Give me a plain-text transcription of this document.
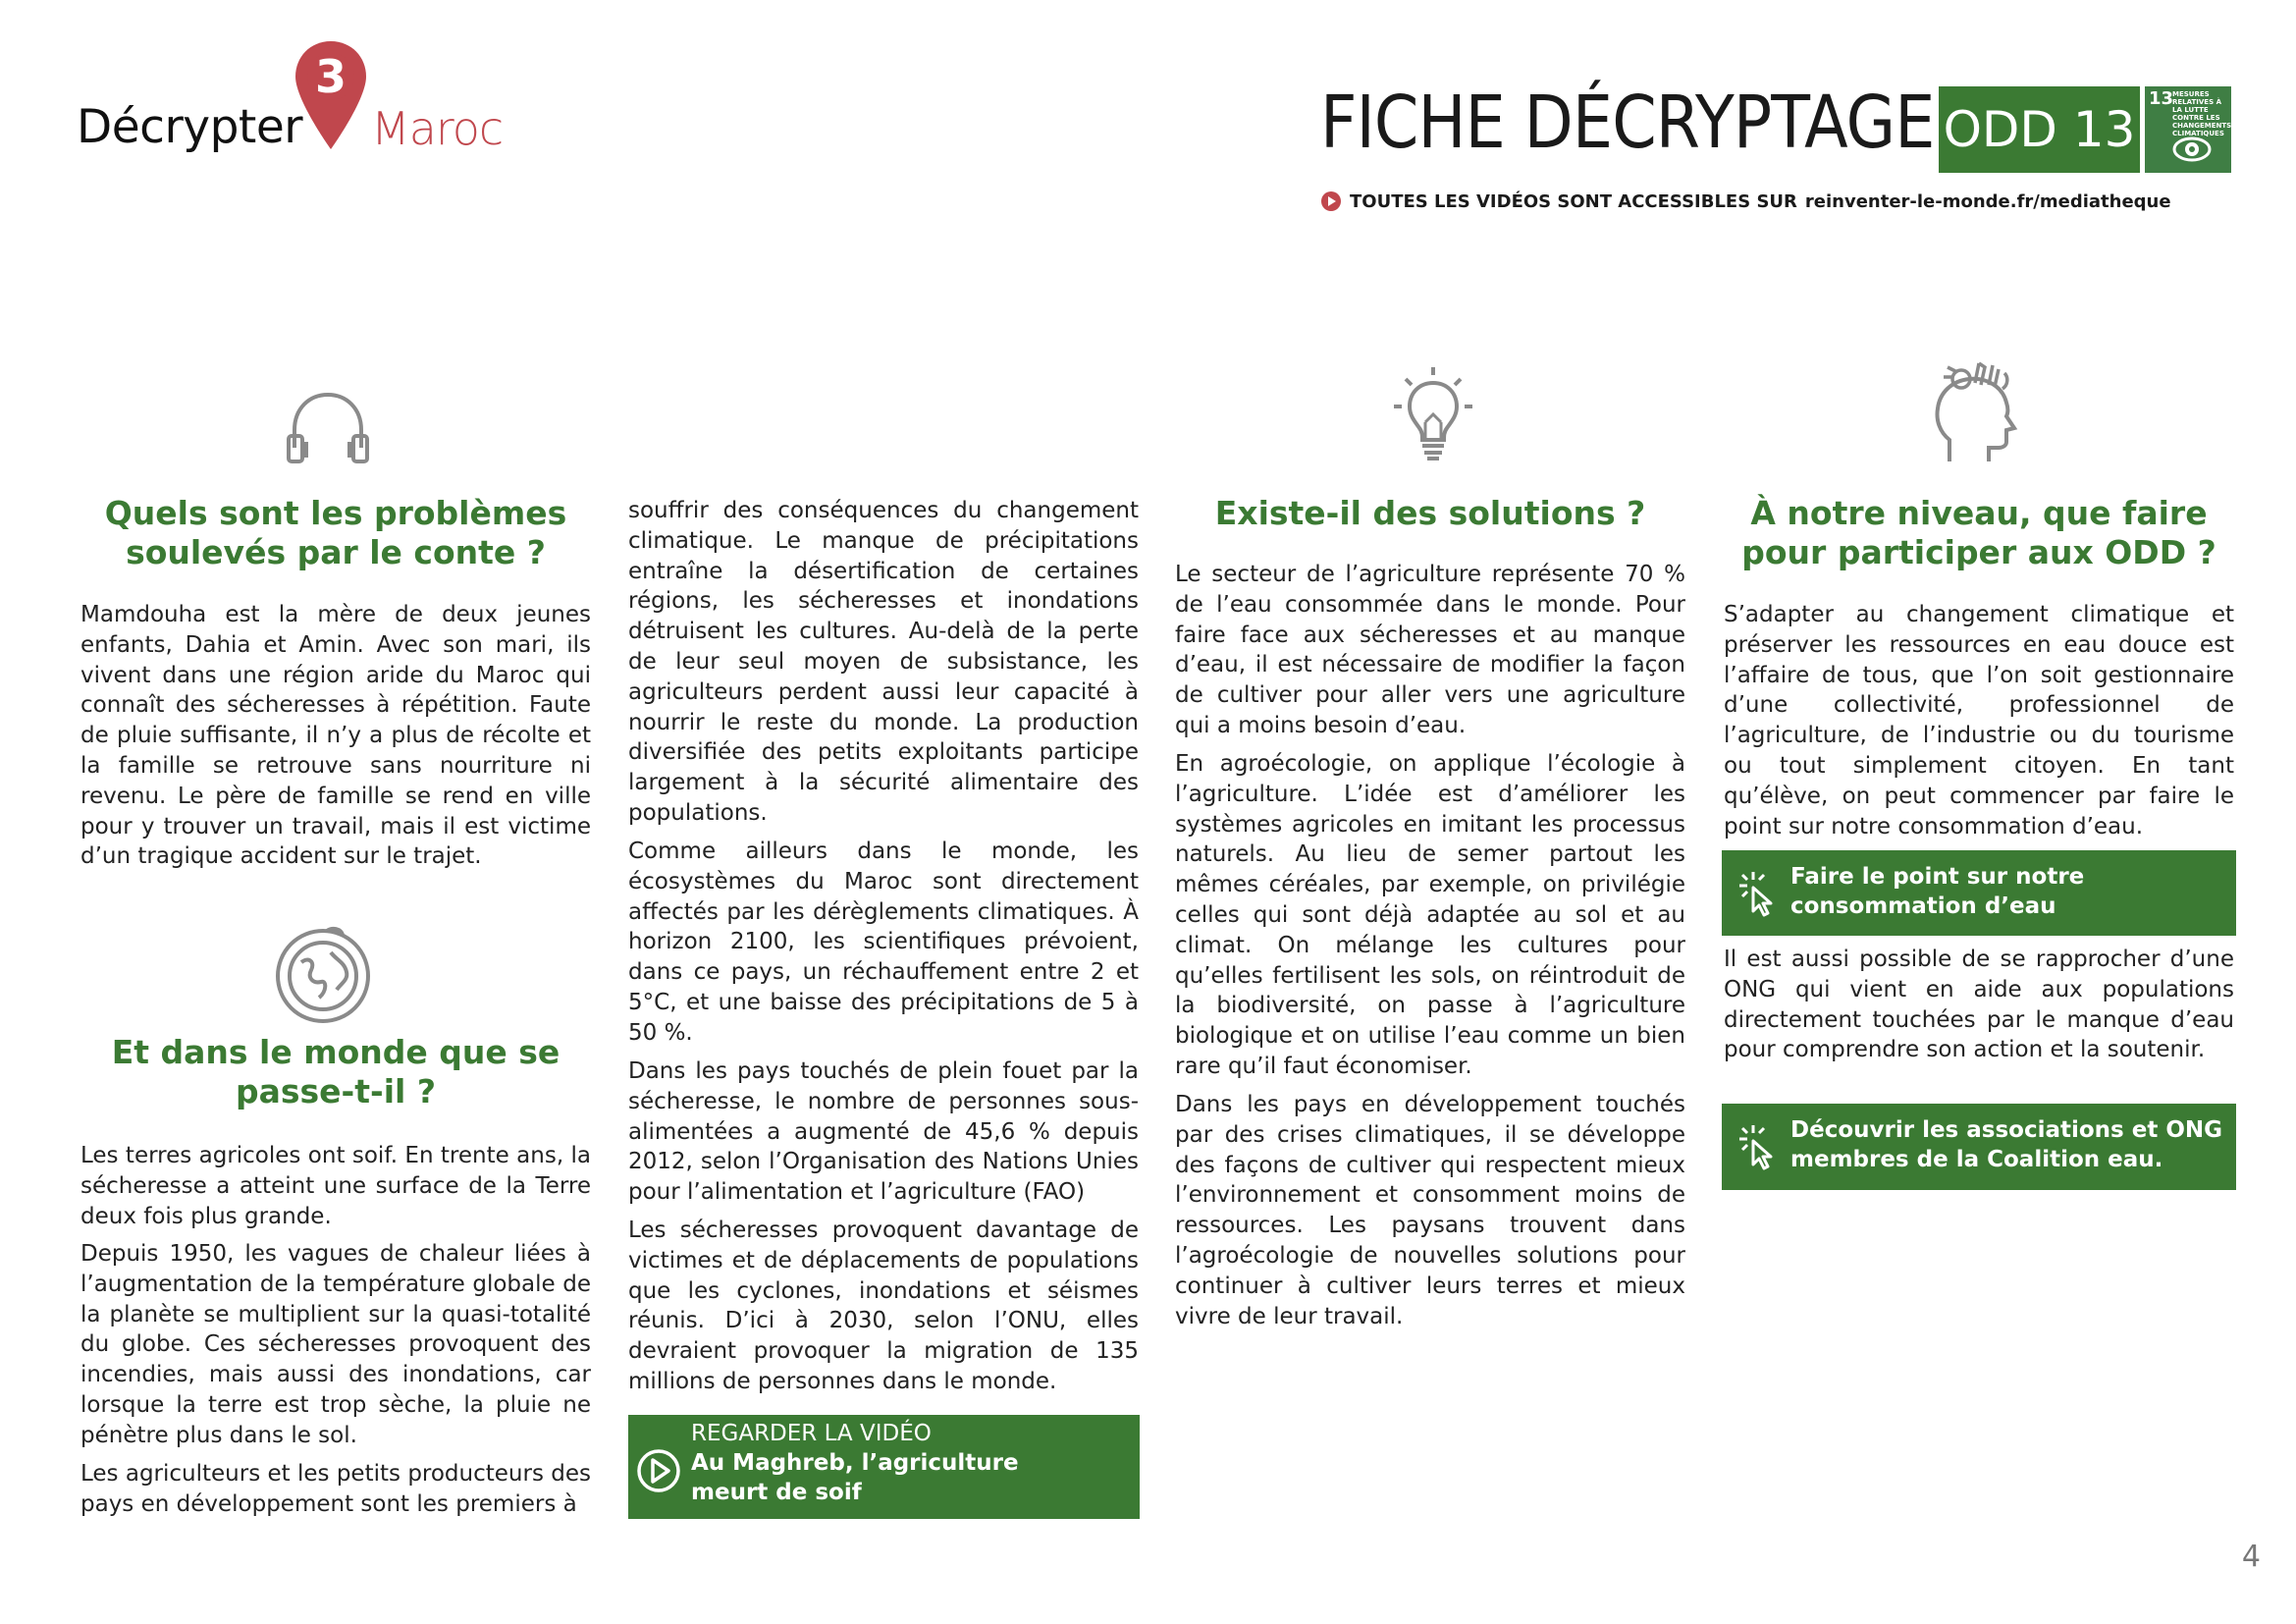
Décrypter
3
Maroc	FICHE DÉCRYPTAGE ODD 13
13
MESURES RELATIVES À LA LUTTE CONTRE LES CHANGEMENTS CLIMATIQUES
TOUTES LES VIDÉOS SONT ACCESSIBLES SUR reinventer-le-monde.fr/mediatheque
Quels sont les problèmes soulevés par le conte ?

Mamdouha est la mère de deux jeunes enfants, Dahia et Amin. Avec son mari, ils vivent dans une région aride du Maroc qui connaît des sécheresses à répétition. Faute de pluie suffisante, il n’y a plus de récolte et la famille se retrouve sans nourriture ni revenu. Le père de famille se rend en ville pour y trouver un travail, mais il est victime d’un tragique accident sur le trajet.

Et dans le monde que se passe-t-il ?

Les terres agricoles ont soif. En trente ans, la sécheresse a atteint une surface de la Terre deux fois plus grande.

Depuis 1950, les vagues de chaleur liées à l’augmentation de la température globale de la planète se multiplient sur la quasi-totalité du globe. Ces sécheresses provoquent des incendies, mais aussi des inondations, car lorsque la terre est trop sèche, la pluie ne pénètre plus dans le sol.

Les agriculteurs et les petits producteurs des pays en développement sont les premiers à

souffrir des conséquences du changement climatique. Le manque de précipitations entraîne la désertification de certaines régions, les sécheresses et inondations détruisent les cultures. Au-delà de la perte de leur seul moyen de subsistance, les agriculteurs perdent aussi leur capacité à nourrir le reste du monde. La production diversifiée des petits exploitants participe largement à la sécurité alimentaire des populations.

Comme ailleurs dans le monde, les écosystèmes du Maroc sont directement affectés par les dérèglements climatiques. À horizon 2100, les scientifiques prévoient, dans ce pays, un réchauffement entre 2 et 5°C, et une baisse des précipitations de 5 à 50 %.

Dans les pays touchés de plein fouet par la sécheresse, le nombre de personnes sous-alimentées a augmenté de 45,6 % depuis 2012, selon l’Organisation des Nations Unies pour l’alimentation et l’agriculture (FAO)

Les sécheresses provoquent davantage de victimes et de déplacements de populations que les cyclones, inondations et séismes réunis. D’ici à 2030, selon l’ONU, elles devraient provoquer la migration de 135 millions de personnes dans le monde.

REGARDER LA VIDÉO
Au Maghreb, l’agriculture
meurt de soif
Existe-il des solutions ?

Le secteur de l’agriculture représente 70 % de l’eau consommée dans le monde. Pour faire face aux sécheresses et au manque d’eau, il est nécessaire de modifier la façon de cultiver pour aller vers une agriculture qui a moins besoin d’eau.

En agroécologie, on applique l’écologie à l’agriculture. L’idée est d’améliorer les systèmes agricoles en imitant les processus naturels. Au lieu de semer partout les mêmes céréales, par exemple, on privilégie celles qui sont déjà adaptée au sol et au climat. On mélange les cultures pour qu’elles fertilisent les sols, on réintroduit de la biodiversité, on passe à l’agriculture biologique et on utilise l’eau comme un bien rare qu’il faut économiser.

Dans les pays en développement touchés par des crises climatiques, il se développe des façons de cultiver qui respectent mieux l’environnement et consomment moins de ressources. Les paysans trouvent dans l’agroécologie de nouvelles solutions pour continuer à cultiver leurs terres et mieux vivre de leur travail.

À notre niveau, que faire pour participer aux ODD ?

S’adapter au changement climatique et préserver les ressources en eau douce est l’affaire de tous, que l’on soit gestionnaire d’une collectivité, professionnel de l’agriculture, de l’industrie ou du tourisme ou tout simplement citoyen. En tant qu’élève, on peut commencer par faire le point sur notre consommation d’eau.

Faire le point sur notre
consommation d’eau

Il est aussi possible de se rapprocher d’une ONG qui vient en aide aux populations directement touchées par le manque d’eau pour comprendre son action et la soutenir.

Découvrir les associations et ONG
membres de la Coalition eau.
4
